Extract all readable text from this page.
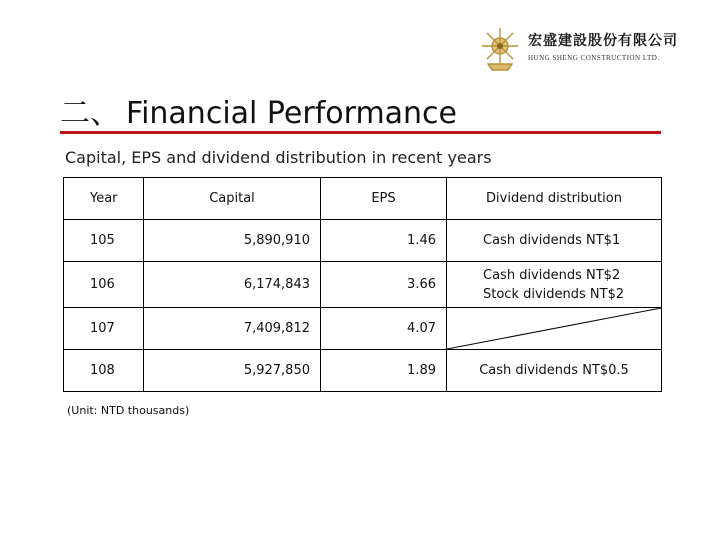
宏盛建設股份有限公司
HUNG SHENG CONSTRUCTION LTD.
二、 Financial Performance
Capital, EPS and dividend distribution in recent years
Year	Capital	EPS	Dividend distribution
105	5,890,910	1.46	Cash dividends NT$1

106	6,174,843	3.66	Cash dividends NT$2
Stock dividends NT$2

107	7,409,812	4.07	

108	5,927,850	1.89	Cash dividends NT$0.5
(Unit: NTD thousands)
